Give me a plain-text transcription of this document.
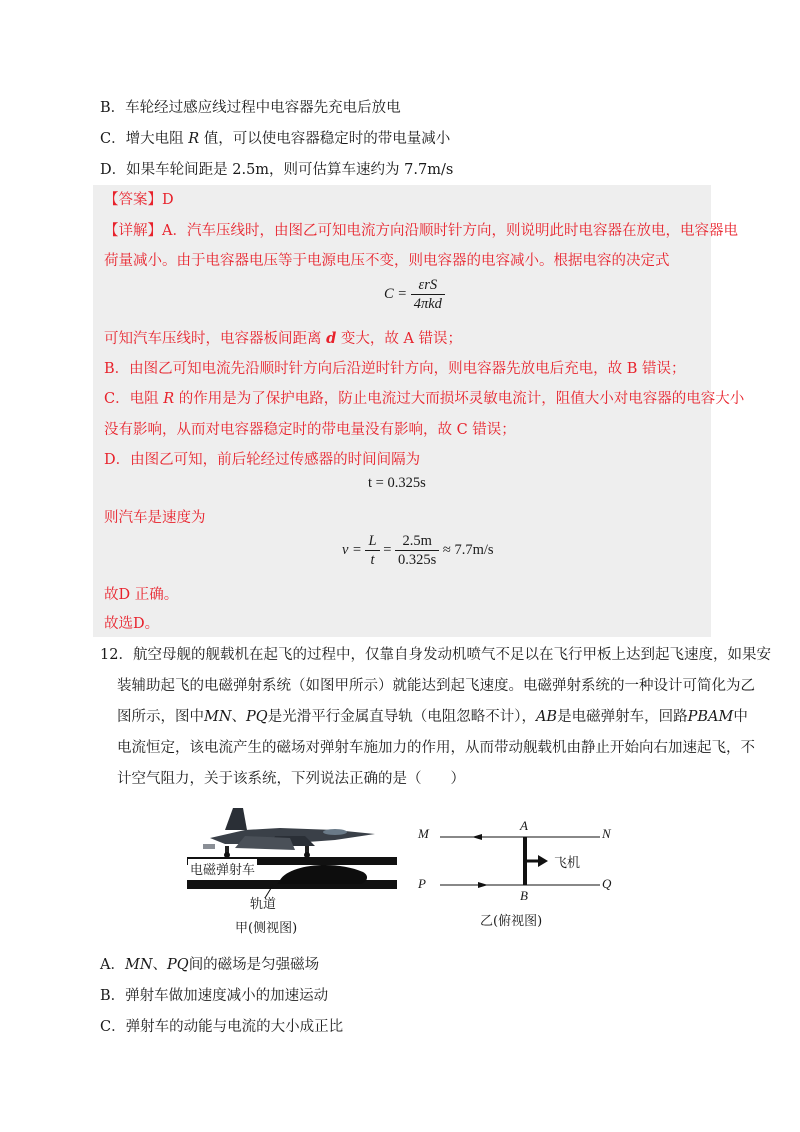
B．车轮经过感应线过程中电容器先充电后放电
C．增大电阻 R 值，可以使电容器稳定时的带电量减小
D．如果车轮间距是 2.5m，则可估算车速约为 7.7m/s
【答案】D
【详解】A．汽车压线时，由图乙可知电流方向沿顺时针方向，则说明此时电容器在放电，电容器电
荷量减小。由于电容器电压等于电源电压不变，则电容器的电容减小。根据电容的决定式
$C = \frac{\text{εrS}}{\text{4πkd}}$
可知汽车压线时，电容器板间距离 d 变大，故 A 错误；
B．由图乙可知电流先沿顺时针方向后沿逆时针方向，则电容器先放电后充电，故 B 错误；
C．电阻 R 的作用是为了保护电路，防止电流过大而损坏灵敏电流计，阻值大小对电容器的电容大小
没有影响，从而对电容器稳定时的带电量没有影响，故 C 错误；
D．由图乙可知，前后轮经过传感器的时间间隔为
t = 0.325s
则汽车是速度为
$v = \frac{L}{t} = \frac{2.5m}{0.325s} \approx 7.7m/s$
故D 正确。
故选D。
12．航空母舰的舰载机在起飞的过程中，仅靠自身发动机喷气不足以在飞行甲板上达到起飞速度，如果安
装辅助起飞的电磁弹射系统（如图甲所示）就能达到起飞速度。电磁弹射系统的一种设计可简化为乙
图所示，图中MN、PQ是光滑平行金属直导轨（电阻忽略不计），AB是电磁弹射车，回路PBAM中
电流恒定，该电流产生的磁场对弹射车施加力的作用，从而带动舰载机由静止开始向右加速起飞，不
计空气阻力，关于该系统，下列说法正确的是（　　）
电磁弹射车
轨道
甲(侧视图)
M
A
N
P
B
Q
飞机
乙(俯视图)
A．MN、PQ间的磁场是匀强磁场
B．弹射车做加速度减小的加速运动
C．弹射车的动能与电流的大小成正比
